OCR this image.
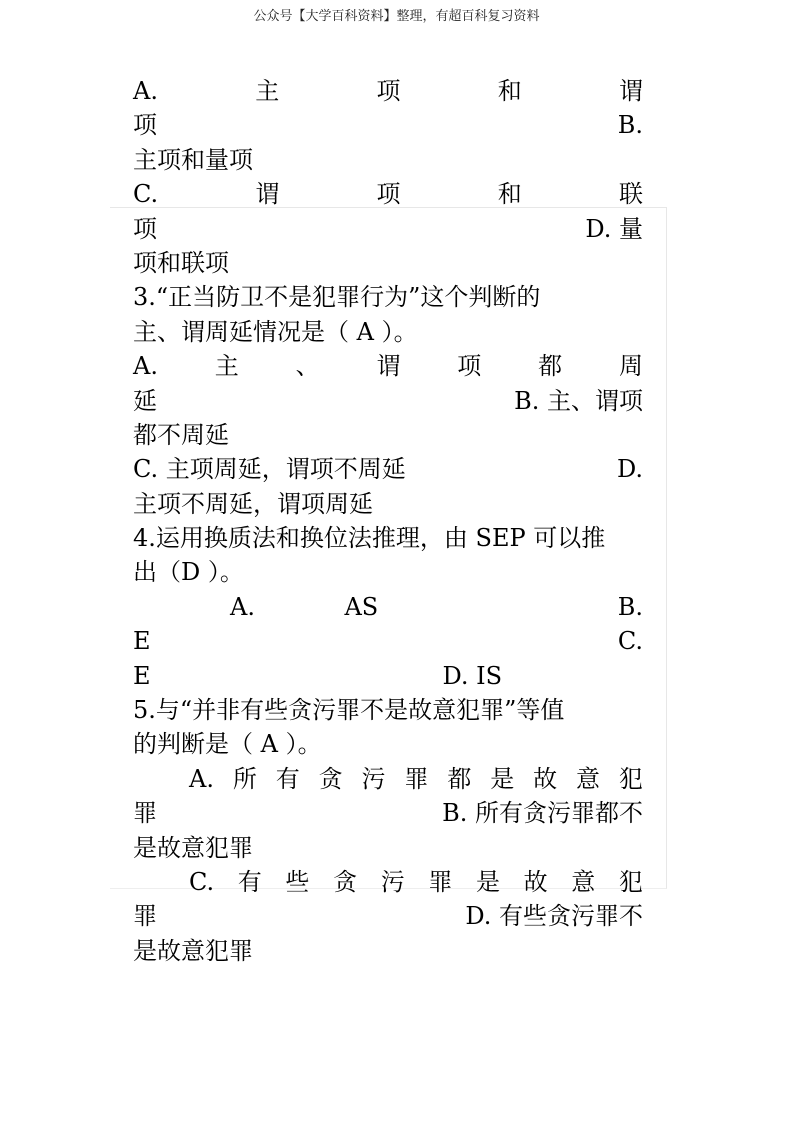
公众号【大学百科资料】整理，有超百科复习资料
A.	主	项	和	谓
项	B.
主项和量项
C.	谓	项	和	联
项	D. 量
项和联项
3.“正当防卫不是犯罪行为”这个判断的
主、谓周延情况是（ A ）。
A. 主 、 谓 项 都 周
延	B. 主、谓项
都不周延
C. 主项周延，谓项不周延	D.
主项不周延，谓项周延
4.运用换质法和换位法推理，由 SEP 可以推
出（D ）。
A.	AS	B.
E	C.
E	D. IS
5.与“并非有些贪污罪不是故意犯罪”等值
的判断是（ A ）。
A. 所 有 贪 污 罪 都 是 故 意 犯
罪	B. 所有贪污罪都不
是故意犯罪
C. 有 些 贪 污 罪 是 故 意 犯
罪	D. 有些贪污罪不
是故意犯罪
